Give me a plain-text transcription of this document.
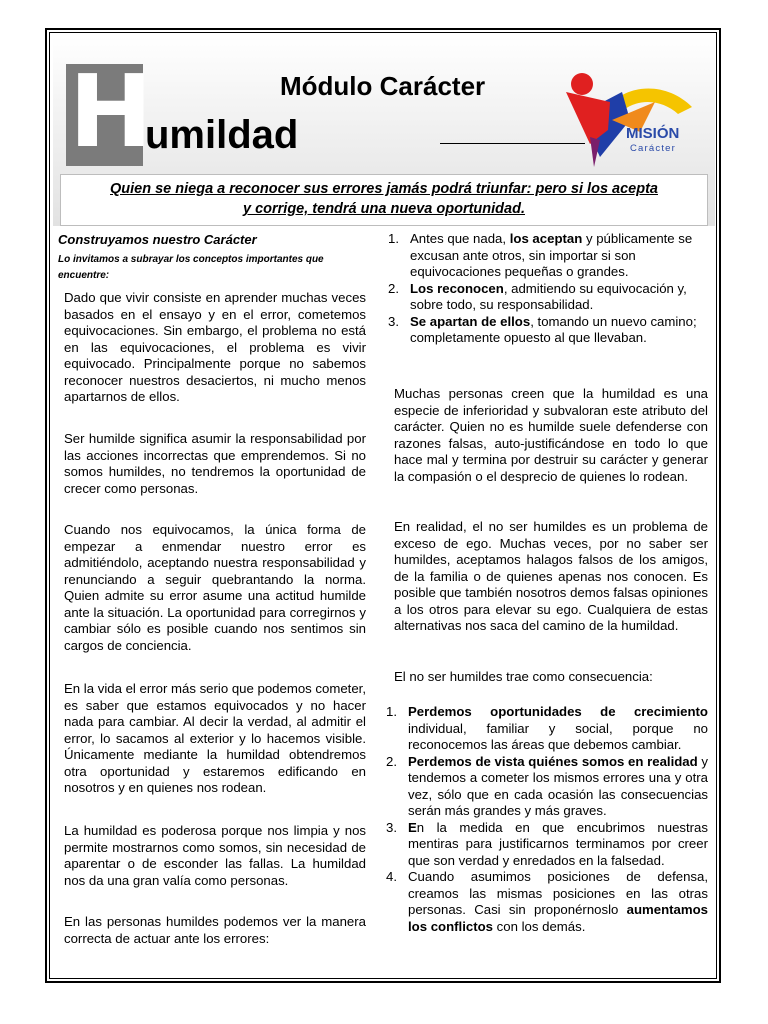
H
umildad
Módulo Carácter
MISIÓN
Carácter

Quien se niega a reconocer sus errores jamás podrá triunfar: pero si los acepta

y corrige, tendrá una nueva oportunidad.

Construyamos nuestro Carácter
Lo invitamos a subrayar los conceptos importantes que encuentre:
Dado que vivir consiste en aprender muchas veces basados en el ensayo y en el error, cometemos equivocaciones. Sin embargo, el problema no está en las equivocaciones, el problema es vivir equivocado. Principalmente porque no sabemos reconocer nuestros desaciertos, ni mucho menos apartarnos de ellos.
Ser humilde significa asumir la responsabilidad por las acciones incorrectas que emprendemos. Si no somos humildes, no tendremos la oportunidad de crecer como personas.
Cuando nos equivocamos, la única forma de empezar a enmendar nuestro error es admitiéndolo, aceptando nuestra responsabilidad y renunciando a seguir quebrantando la norma. Quien admite su error asume una actitud humilde ante la situación. La oportunidad para corregirnos y cambiar sólo es posible cuando nos sentimos sin cargos de conciencia.
En la vida el error más serio que podemos cometer, es saber que estamos equivocados y no hacer nada para cambiar. Al decir la verdad, al admitir el error, lo sacamos al exterior y lo hacemos visible. Únicamente mediante la humildad obtendremos otra oportunidad y estaremos edificando en nosotros y en quienes nos rodean.
La humildad es poderosa porque nos limpia y nos permite mostrarnos como somos, sin necesidad de aparentar o de esconder las fallas. La humildad nos da una gran valía como personas.
En las personas humildes podemos ver la manera correcta de actuar ante los errores:
1. Antes que nada, los aceptan y públicamente se excusan ante otros, sin importar si son equivocaciones pequeñas o grandes.
2. Los reconocen, admitiendo su equivocación y, sobre todo, su responsabilidad.
3. Se apartan de ellos, tomando un nuevo camino; completamente opuesto al que llevaban.
Muchas personas creen que la humildad es una especie de inferioridad y subvaloran este atributo del carácter. Quien no es humilde suele defenderse con razones falsas, auto-justificándose en todo lo que hace mal y termina por destruir su carácter y generar la compasión o el desprecio de quienes lo rodean.
En realidad, el no ser humildes es un problema de exceso de ego. Muchas veces, por no saber ser humildes, aceptamos halagos falsos de los amigos, de la familia o de quienes apenas nos conocen. Es posible que también nosotros demos falsas opiniones a los otros para elevar su ego. Cualquiera de estas alternativas nos saca del camino de la humildad.
El no ser humildes trae como consecuencia:
1. Perdemos oportunidades de crecimiento individual, familiar y social, porque no reconocemos las áreas que debemos cambiar.
2. Perdemos de vista quiénes somos en realidad y tendemos a cometer los mismos errores una y otra vez, sólo que en cada ocasión las consecuencias serán más grandes y más graves.
3. En la medida en que encubrimos nuestras mentiras para justificarnos terminamos por creer que son verdad y enredados en la falsedad.
4. Cuando asumimos posiciones de defensa, creamos las mismas posiciones en las otras personas. Casi sin proponérnoslo aumentamos los conflictos con los demás.
